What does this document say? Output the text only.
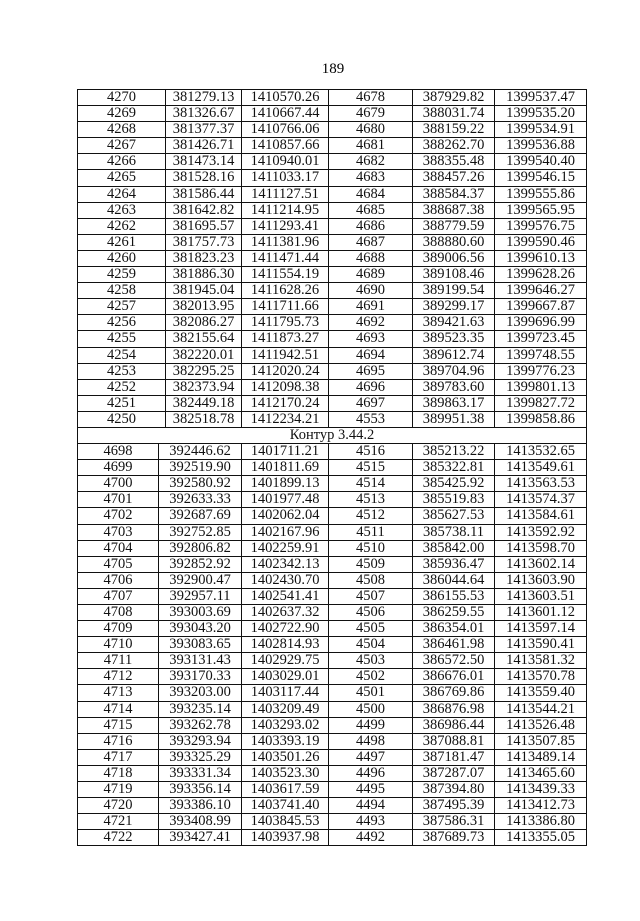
189
4270	381279.13	1410570.26	4678	387929.82	1399537.47
4269	381326.67	1410667.44	4679	388031.74	1399535.20
4268	381377.37	1410766.06	4680	388159.22	1399534.91
4267	381426.71	1410857.66	4681	388262.70	1399536.88
4266	381473.14	1410940.01	4682	388355.48	1399540.40
4265	381528.16	1411033.17	4683	388457.26	1399546.15
4264	381586.44	1411127.51	4684	388584.37	1399555.86
4263	381642.82	1411214.95	4685	388687.38	1399565.95
4262	381695.57	1411293.41	4686	388779.59	1399576.75
4261	381757.73	1411381.96	4687	388880.60	1399590.46
4260	381823.23	1411471.44	4688	389006.56	1399610.13
4259	381886.30	1411554.19	4689	389108.46	1399628.26
4258	381945.04	1411628.26	4690	389199.54	1399646.27
4257	382013.95	1411711.66	4691	389299.17	1399667.87
4256	382086.27	1411795.73	4692	389421.63	1399696.99
4255	382155.64	1411873.27	4693	389523.35	1399723.45
4254	382220.01	1411942.51	4694	389612.74	1399748.55
4253	382295.25	1412020.24	4695	389704.96	1399776.23
4252	382373.94	1412098.38	4696	389783.60	1399801.13
4251	382449.18	1412170.24	4697	389863.17	1399827.72
4250	382518.78	1412234.21	4553	389951.38	1399858.86
Контур 3.44.2
4698	392446.62	1401711.21	4516	385213.22	1413532.65
4699	392519.90	1401811.69	4515	385322.81	1413549.61
4700	392580.92	1401899.13	4514	385425.92	1413563.53
4701	392633.33	1401977.48	4513	385519.83	1413574.37
4702	392687.69	1402062.04	4512	385627.53	1413584.61
4703	392752.85	1402167.96	4511	385738.11	1413592.92
4704	392806.82	1402259.91	4510	385842.00	1413598.70
4705	392852.92	1402342.13	4509	385936.47	1413602.14
4706	392900.47	1402430.70	4508	386044.64	1413603.90
4707	392957.11	1402541.41	4507	386155.53	1413603.51
4708	393003.69	1402637.32	4506	386259.55	1413601.12
4709	393043.20	1402722.90	4505	386354.01	1413597.14
4710	393083.65	1402814.93	4504	386461.98	1413590.41
4711	393131.43	1402929.75	4503	386572.50	1413581.32
4712	393170.33	1403029.01	4502	386676.01	1413570.78
4713	393203.00	1403117.44	4501	386769.86	1413559.40
4714	393235.14	1403209.49	4500	386876.98	1413544.21
4715	393262.78	1403293.02	4499	386986.44	1413526.48
4716	393293.94	1403393.19	4498	387088.81	1413507.85
4717	393325.29	1403501.26	4497	387181.47	1413489.14
4718	393331.34	1403523.30	4496	387287.07	1413465.60
4719	393356.14	1403617.59	4495	387394.80	1413439.33
4720	393386.10	1403741.40	4494	387495.39	1413412.73
4721	393408.99	1403845.53	4493	387586.31	1413386.80
4722	393427.41	1403937.98	4492	387689.73	1413355.05
